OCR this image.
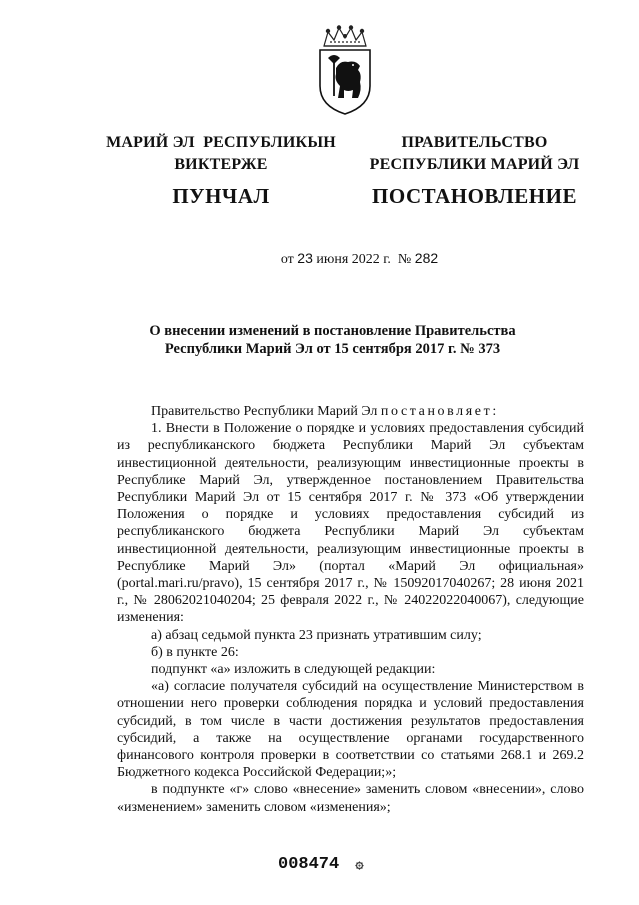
МАРИЙ ЭЛ  РЕСПУБЛИКЫН
ВИКТЕРЖЕ
ПУНЧАЛ
ПРАВИТЕЛЬСТВО
РЕСПУБЛИКИ МАРИЙ ЭЛ
ПОСТАНОВЛЕНИЕ
от 23 июня 2022 г. № 282
О внесении изменений в постановление Правительства
Республики Марий Эл от 15 сентября 2017 г. № 373

Правительство Республики Марий Эл постановляет:

1. Внести в Положение о порядке и условиях предоставления субсидий из республиканского бюджета Республики Марий Эл субъектам инвестиционной деятельности, реализующим инвестиционные проекты в Республике Марий Эл, утвержденное постановлением Правительства Республики Марий Эл от 15 сентября 2017 г. № 373 «Об утверждении Положения о порядке и условиях предоставления субсидий из республиканского бюджета Республики Марий Эл субъектам инвестиционной деятельности, реализующим инвестиционные проекты в Республике Марий Эл» (портал «Марий Эл официальная» (portal.mari.ru/pravo), 15 сентября 2017 г., № 15092017040267; 28 июня 2021 г., № 28062021040204; 25 февраля 2022 г., № 24022022040067), следующие изменения:

а) абзац седьмой пункта 23 признать утратившим силу;

б) в пункте 26:

подпункт «а» изложить в следующей редакции:

«а) согласие получателя субсидий на осуществление Министерством в отношении него проверки соблюдения порядка и условий предоставления субсидий, в том числе в части достижения результатов предоставления субсидий, а также на осуществление органами государственного финансового контроля проверки в соответствии со статьями 268.1 и 269.2 Бюджетного кодекса Российской Федерации;»;

в подпункте «г» слово «внесение» заменить словом «внесении», слово «изменением» заменить словом «изменения»;

008474 ۞
